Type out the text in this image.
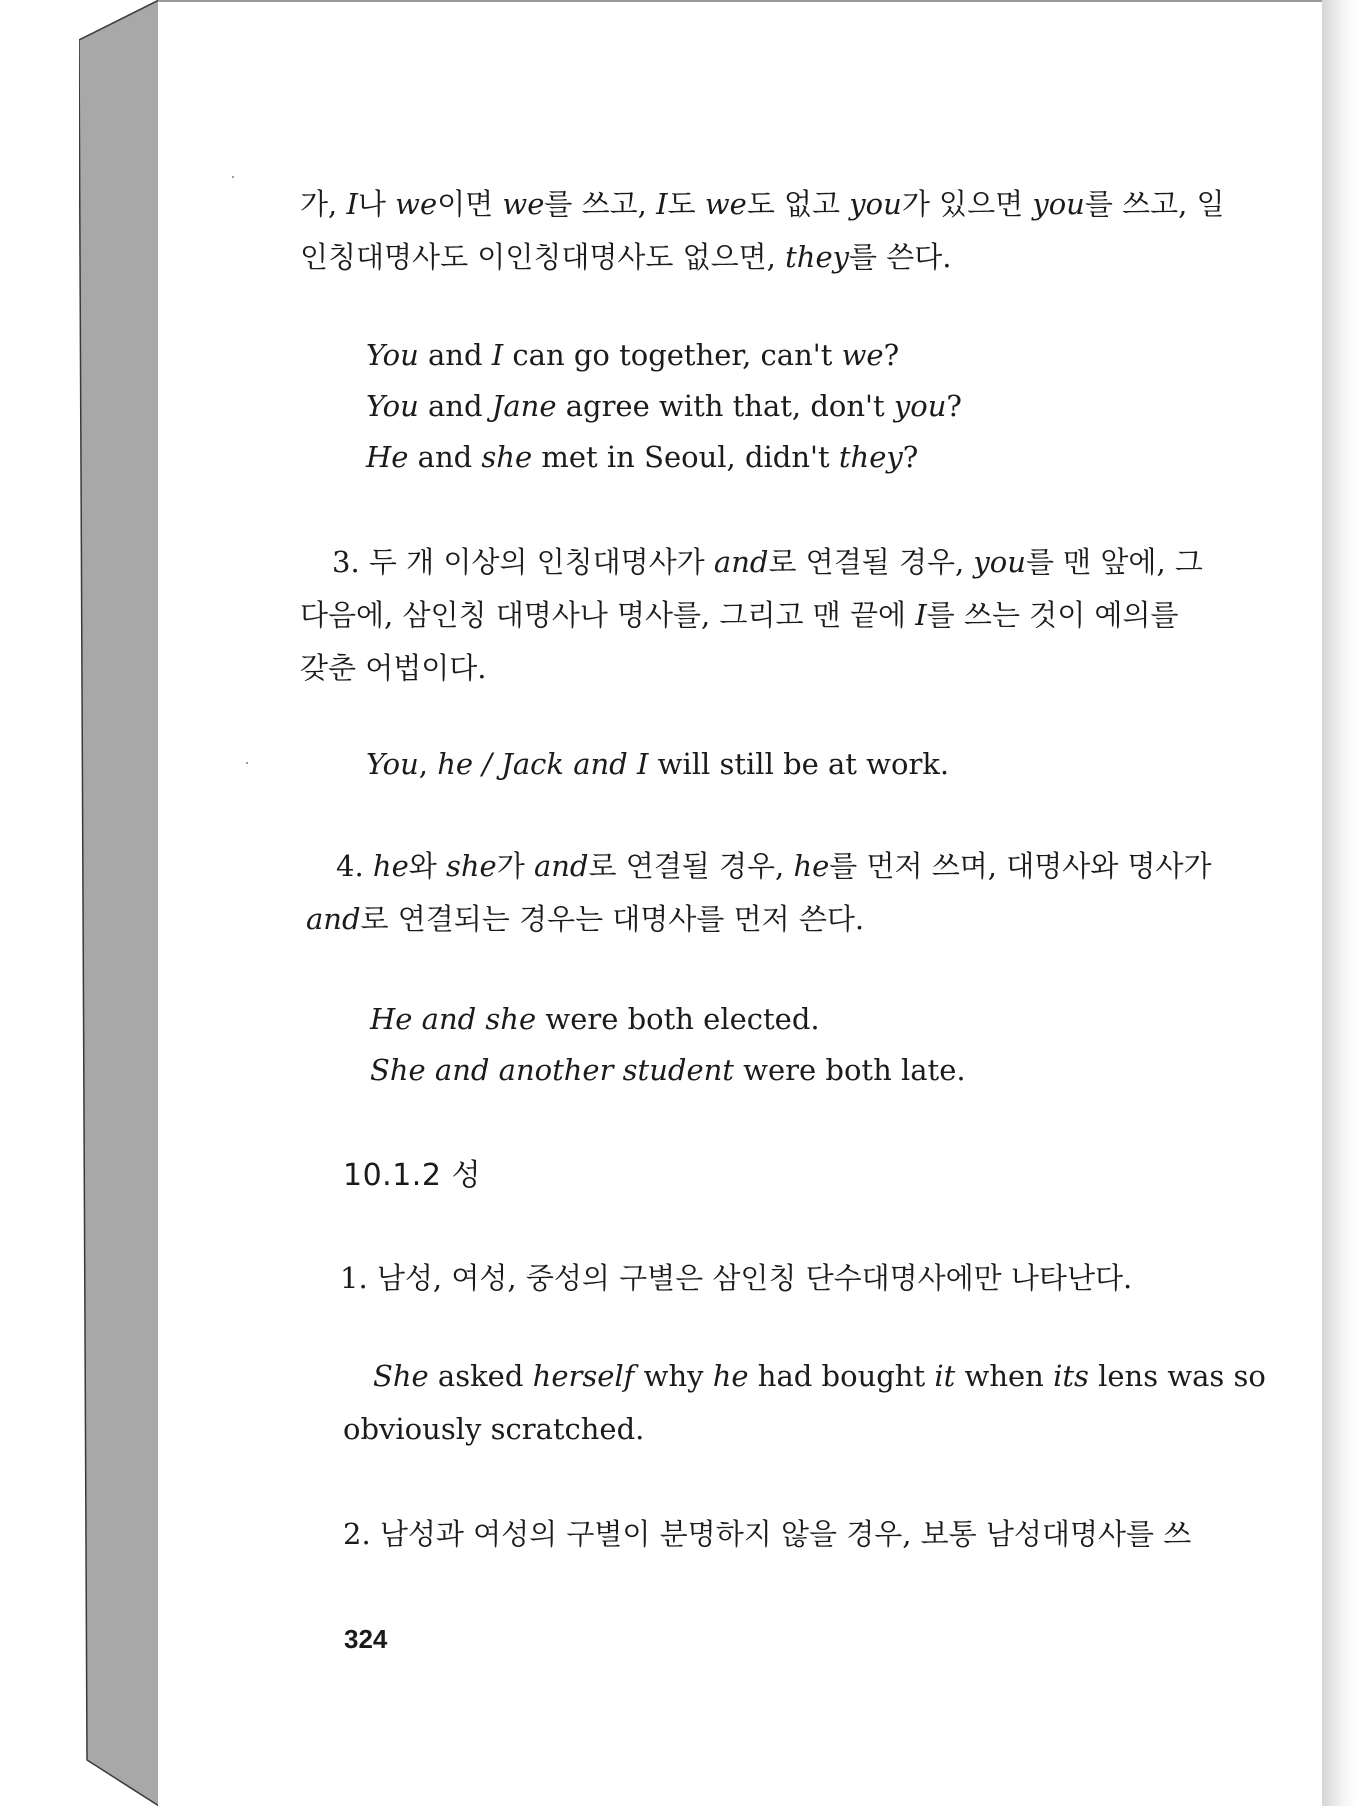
가, I나 we이면 we를 쓰고, I도 we도 없고 you가 있으면 you를 쓰고, 일
인칭대명사도 이인칭대명사도 없으면, they를 쓴다.
You and I can go together, can't we?
You and Jane agree with that, don't you?
He and she met in Seoul, didn't they?
3. 두 개 이상의 인칭대명사가 and로 연결될 경우, you를 맨 앞에, 그
다음에, 삼인칭 대명사나 명사를, 그리고 맨 끝에 I를 쓰는 것이 예의를
갖춘 어법이다.
You, he / Jack and I will still be at work.
4. he와 she가 and로 연결될 경우, he를 먼저 쓰며, 대명사와 명사가
and로 연결되는 경우는 대명사를 먼저 쓴다.
He and she were both elected.
She and another student were both late.
10.1.2 성
1. 남성, 여성, 중성의 구별은 삼인칭 단수대명사에만 나타난다.
She asked herself why he had bought it when its lens was so
obviously scratched.
2. 남성과 여성의 구별이 분명하지 않을 경우, 보통 남성대명사를 쓰
324
